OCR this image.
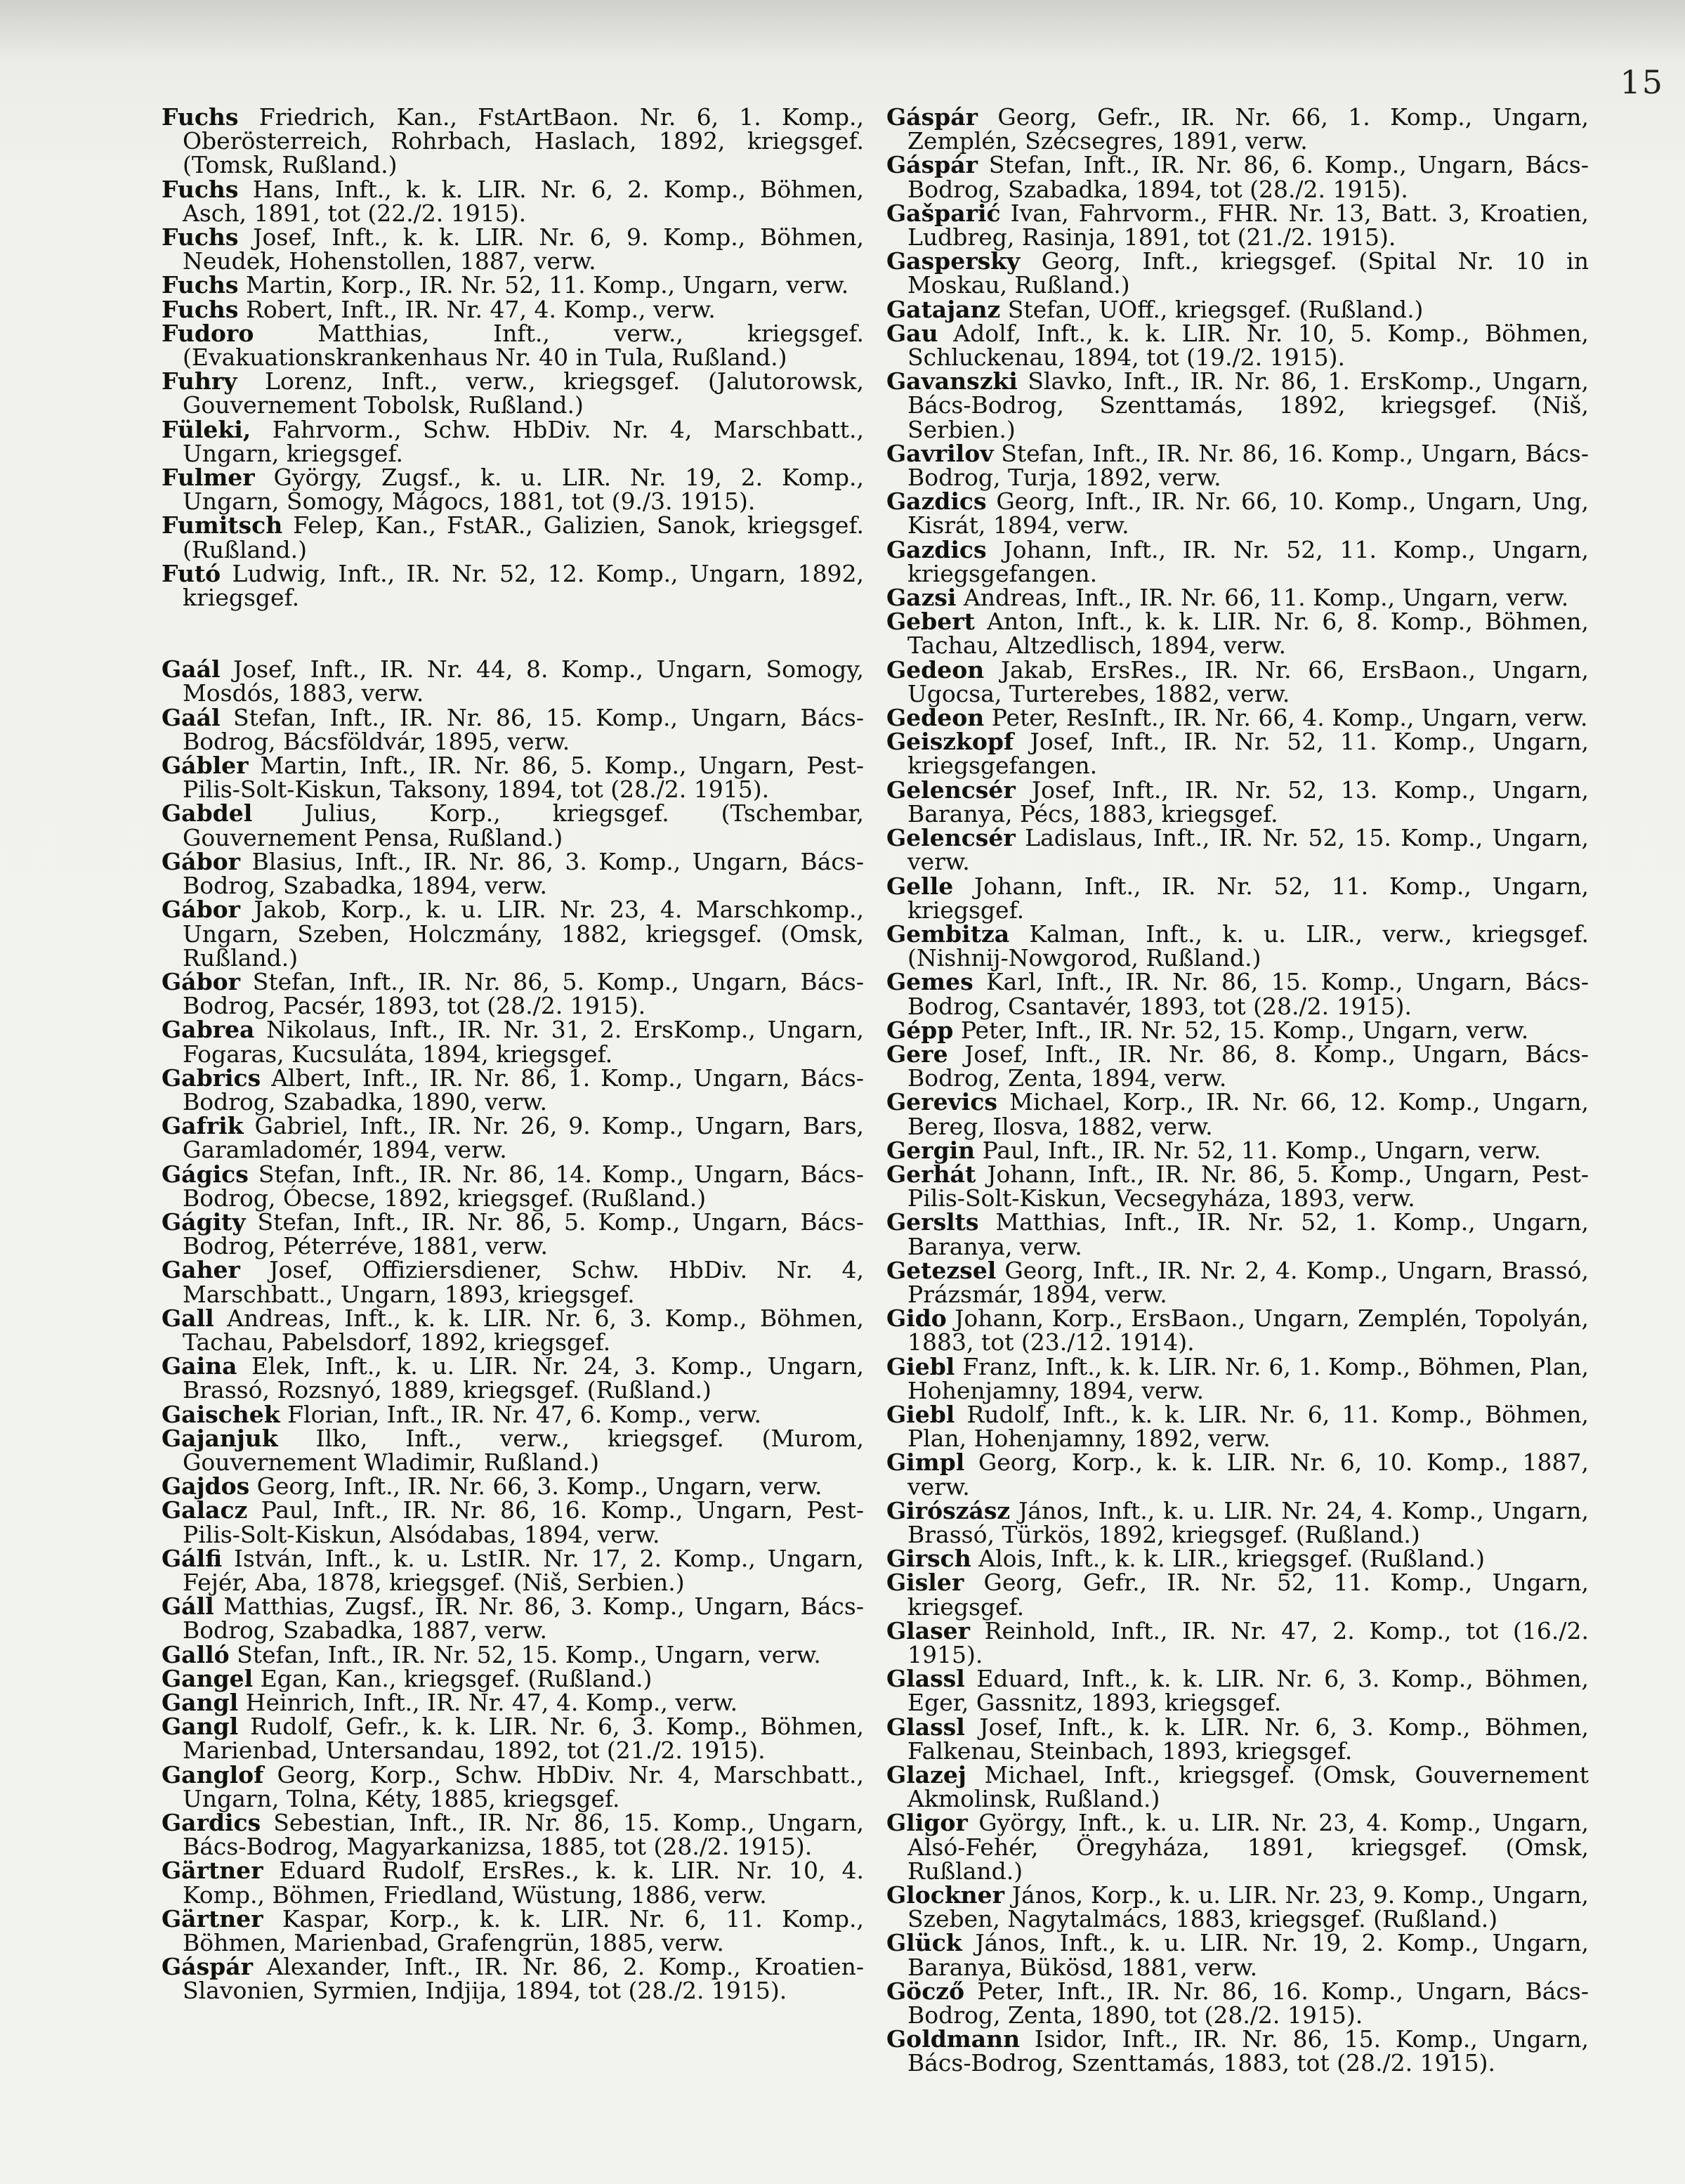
15

Fuchs Friedrich, Kan., FstArtBaon. Nr. 6, 1. Komp., Oberösterreich, Rohrbach, Haslach, 1892, kriegsgef. (Tomsk, Rußland.)

Fuchs Hans, Inft., k. k. LIR. Nr. 6, 2. Komp., Böhmen, Asch, 1891, tot (22./2. 1915).

Fuchs Josef, Inft., k. k. LIR. Nr. 6, 9. Komp., Böhmen, Neudek, Hohenstollen, 1887, verw.

Fuchs Martin, Korp., IR. Nr. 52, 11. Komp., Ungarn, verw.

Fuchs Robert, Inft., IR. Nr. 47, 4. Komp., verw.

Fudoro Matthias, Inft., verw., kriegsgef. (Evakuationskrankenhaus Nr. 40 in Tula, Rußland.)

Fuhry Lorenz, Inft., verw., kriegsgef. (Jalutorowsk, Gouvernement Tobolsk, Rußland.)

Füleki, Fahrvorm., Schw. HbDiv. Nr. 4, Marschbatt., Ungarn, kriegsgef.

Fulmer György, Zugsf., k. u. LIR. Nr. 19, 2. Komp., Ungarn, Somogy, Mágocs, 1881, tot (9./3. 1915).

Fumitsch Felep, Kan., FstAR., Galizien, Sanok, kriegsgef. (Rußland.)

Futó Ludwig, Inft., IR. Nr. 52, 12. Komp., Ungarn, 1892, kriegsgef.

Gaál Josef, Inft., IR. Nr. 44, 8. Komp., Ungarn, Somogy, Mosdós, 1883, verw.

Gaál Stefan, Inft., IR. Nr. 86, 15. Komp., Ungarn, Bács-Bodrog, Bácsföldvár, 1895, verw.

Gábler Martin, Inft., IR. Nr. 86, 5. Komp., Ungarn, Pest-Pilis-Solt-Kiskun, Taksony, 1894, tot (28./2. 1915).

Gabdel Julius, Korp., kriegsgef. (Tschembar, Gouvernement Pensa, Rußland.)

Gábor Blasius, Inft., IR. Nr. 86, 3. Komp., Ungarn, Bács-Bodrog, Szabadka, 1894, verw.

Gábor Jakob, Korp., k. u. LIR. Nr. 23, 4. Marschkomp., Ungarn, Szeben, Holczmány, 1882, kriegsgef. (Omsk, Rußland.)

Gábor Stefan, Inft., IR. Nr. 86, 5. Komp., Ungarn, Bács-Bodrog, Pacsér, 1893, tot (28./2. 1915).

Gabrea Nikolaus, Inft., IR. Nr. 31, 2. ErsKomp., Ungarn, Fogaras, Kucsuláta, 1894, kriegsgef.

Gabrics Albert, Inft., IR. Nr. 86, 1. Komp., Ungarn, Bács-Bodrog, Szabadka, 1890, verw.

Gafrik Gabriel, Inft., IR. Nr. 26, 9. Komp., Ungarn, Bars, Garamladomér, 1894, verw.

Gágics Stefan, Inft., IR. Nr. 86, 14. Komp., Ungarn, Bács-Bodrog, Óbecse, 1892, kriegsgef. (Rußland.)

Gágity Stefan, Inft., IR. Nr. 86, 5. Komp., Ungarn, Bács-Bodrog, Péterréve, 1881, verw.

Gaher Josef, Offiziersdiener, Schw. HbDiv. Nr. 4, Marschbatt., Ungarn, 1893, kriegsgef.

Gall Andreas, Inft., k. k. LIR. Nr. 6, 3. Komp., Böhmen, Tachau, Pabelsdorf, 1892, kriegsgef.

Gaina Elek, Inft., k. u. LIR. Nr. 24, 3. Komp., Ungarn, Brassó, Rozsnyó, 1889, kriegsgef. (Rußland.)

Gaischek Florian, Inft., IR. Nr. 47, 6. Komp., verw.

Gajanjuk Ilko, Inft., verw., kriegsgef. (Murom, Gouvernement Wladimir, Rußland.)

Gajdos Georg, Inft., IR. Nr. 66, 3. Komp., Ungarn, verw.

Galacz Paul, Inft., IR. Nr. 86, 16. Komp., Ungarn, Pest-Pilis-Solt-Kiskun, Alsódabas, 1894, verw.

Gálfi István, Inft., k. u. LstIR. Nr. 17, 2. Komp., Ungarn, Fejér, Aba, 1878, kriegsgef. (Niš, Serbien.)

Gáll Matthias, Zugsf., IR. Nr. 86, 3. Komp., Ungarn, Bács-Bodrog, Szabadka, 1887, verw.

Galló Stefan, Inft., IR. Nr. 52, 15. Komp., Ungarn, verw.

Gangel Egan, Kan., kriegsgef. (Rußland.)

Gangl Heinrich, Inft., IR. Nr. 47, 4. Komp., verw.

Gangl Rudolf, Gefr., k. k. LIR. Nr. 6, 3. Komp., Böhmen, Marienbad, Untersandau, 1892, tot (21./2. 1915).

Ganglof Georg, Korp., Schw. HbDiv. Nr. 4, Marschbatt., Ungarn, Tolna, Kéty, 1885, kriegsgef.

Gardics Sebestian, Inft., IR. Nr. 86, 15. Komp., Ungarn, Bács-Bodrog, Magyarkanizsa, 1885, tot (28./2. 1915).

Gärtner Eduard Rudolf, ErsRes., k. k. LIR. Nr. 10, 4. Komp., Böhmen, Friedland, Wüstung, 1886, verw.

Gärtner Kaspar, Korp., k. k. LIR. Nr. 6, 11. Komp., Böhmen, Marienbad, Grafengrün, 1885, verw.

Gáspár Alexander, Inft., IR. Nr. 86, 2. Komp., Kroatien-Slavonien, Syrmien, Indjija, 1894, tot (28./2. 1915).

Gáspár Georg, Gefr., IR. Nr. 66, 1. Komp., Ungarn, Zemplén, Szécsegres, 1891, verw.

Gáspár Stefan, Inft., IR. Nr. 86, 6. Komp., Ungarn, Bács-Bodrog, Szabadka, 1894, tot (28./2. 1915).

Gašparić Ivan, Fahrvorm., FHR. Nr. 13, Batt. 3, Kroatien, Ludbreg, Rasinja, 1891, tot (21./2. 1915).

Gaspersky Georg, Inft., kriegsgef. (Spital Nr. 10 in Moskau, Rußland.)

Gatajanz Stefan, UOff., kriegsgef. (Rußland.)

Gau Adolf, Inft., k. k. LIR. Nr. 10, 5. Komp., Böhmen, Schluckenau, 1894, tot (19./2. 1915).

Gavanszki Slavko, Inft., IR. Nr. 86, 1. ErsKomp., Ungarn, Bács-Bodrog, Szenttamás, 1892, kriegsgef. (Niš, Serbien.)

Gavrilov Stefan, Inft., IR. Nr. 86, 16. Komp., Ungarn, Bács-Bodrog, Turja, 1892, verw.

Gazdics Georg, Inft., IR. Nr. 66, 10. Komp., Ungarn, Ung, Kisrát, 1894, verw.

Gazdics Johann, Inft., IR. Nr. 52, 11. Komp., Ungarn, kriegsgefangen.

Gazsi Andreas, Inft., IR. Nr. 66, 11. Komp., Ungarn, verw.

Gebert Anton, Inft., k. k. LIR. Nr. 6, 8. Komp., Böhmen, Tachau, Altzedlisch, 1894, verw.

Gedeon Jakab, ErsRes., IR. Nr. 66, ErsBaon., Ungarn, Ugocsa, Turterebes, 1882, verw.

Gedeon Peter, ResInft., IR. Nr. 66, 4. Komp., Ungarn, verw.

Geiszkopf Josef, Inft., IR. Nr. 52, 11. Komp., Ungarn, kriegsgefangen.

Gelencsér Josef, Inft., IR. Nr. 52, 13. Komp., Ungarn, Baranya, Pécs, 1883, kriegsgef.

Gelencsér Ladislaus, Inft., IR. Nr. 52, 15. Komp., Ungarn, verw.

Gelle Johann, Inft., IR. Nr. 52, 11. Komp., Ungarn, kriegsgef.

Gembitza Kalman, Inft., k. u. LIR., verw., kriegsgef. (Nishnij-Nowgorod, Rußland.)

Gemes Karl, Inft., IR. Nr. 86, 15. Komp., Ungarn, Bács-Bodrog, Csantavér, 1893, tot (28./2. 1915).

Gépp Peter, Inft., IR. Nr. 52, 15. Komp., Ungarn, verw.

Gere Josef, Inft., IR. Nr. 86, 8. Komp., Ungarn, Bács-Bodrog, Zenta, 1894, verw.

Gerevics Michael, Korp., IR. Nr. 66, 12. Komp., Ungarn, Bereg, Ilosva, 1882, verw.

Gergin Paul, Inft., IR. Nr. 52, 11. Komp., Ungarn, verw.

Gerhát Johann, Inft., IR. Nr. 86, 5. Komp., Ungarn, Pest-Pilis-Solt-Kiskun, Vecsegyháza, 1893, verw.

Gerslts Matthias, Inft., IR. Nr. 52, 1. Komp., Ungarn, Baranya, verw.

Getezsel Georg, Inft., IR. Nr. 2, 4. Komp., Ungarn, Brassó, Prázsmár, 1894, verw.

Gido Johann, Korp., ErsBaon., Ungarn, Zemplén, Topolyán, 1883, tot (23./12. 1914).

Giebl Franz, Inft., k. k. LIR. Nr. 6, 1. Komp., Böhmen, Plan, Hohenjamny, 1894, verw.

Giebl Rudolf, Inft., k. k. LIR. Nr. 6, 11. Komp., Böhmen, Plan, Hohenjamny, 1892, verw.

Gimpl Georg, Korp., k. k. LIR. Nr. 6, 10. Komp., 1887, verw.

Girószász János, Inft., k. u. LIR. Nr. 24, 4. Komp., Ungarn, Brassó, Türkös, 1892, kriegsgef. (Rußland.)

Girsch Alois, Inft., k. k. LIR., kriegsgef. (Rußland.)

Gisler Georg, Gefr., IR. Nr. 52, 11. Komp., Ungarn, kriegsgef.

Glaser Reinhold, Inft., IR. Nr. 47, 2. Komp., tot (16./2. 1915).

Glassl Eduard, Inft., k. k. LIR. Nr. 6, 3. Komp., Böhmen, Eger, Gassnitz, 1893, kriegsgef.

Glassl Josef, Inft., k. k. LIR. Nr. 6, 3. Komp., Böhmen, Falkenau, Steinbach, 1893, kriegsgef.

Glazej Michael, Inft., kriegsgef. (Omsk, Gouvernement Akmolinsk, Rußland.)

Gligor György, Inft., k. u. LIR. Nr. 23, 4. Komp., Ungarn, Alsó-Fehér, Öregyháza, 1891, kriegsgef. (Omsk, Rußland.)

Glockner János, Korp., k. u. LIR. Nr. 23, 9. Komp., Ungarn, Szeben, Nagytalmács, 1883, kriegsgef. (Rußland.)

Glück János, Inft., k. u. LIR. Nr. 19, 2. Komp., Ungarn, Baranya, Bükösd, 1881, verw.

Göcző Peter, Inft., IR. Nr. 86, 16. Komp., Ungarn, Bács-Bodrog, Zenta, 1890, tot (28./2. 1915).

Goldmann Isidor, Inft., IR. Nr. 86, 15. Komp., Ungarn, Bács-Bodrog, Szenttamás, 1883, tot (28./2. 1915).
